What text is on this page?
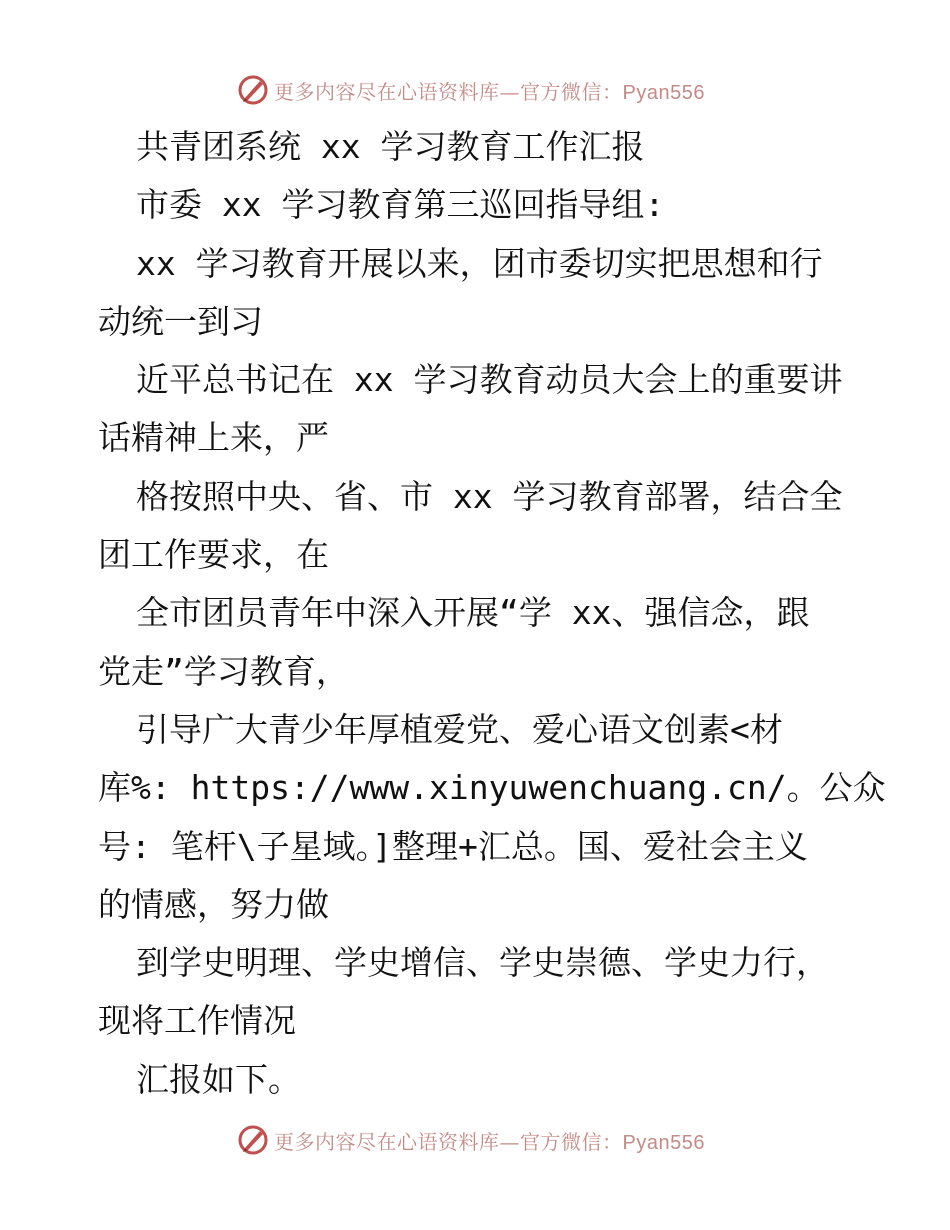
更多内容尽在心语资料库—官方微信：Pyan556
共青团系统 xx 学习教育工作汇报
市委 xx 学习教育第三巡回指导组:
xx 学习教育开展以来，团市委切实把思想和行
动统一到习
近平总书记在 xx 学习教育动员大会上的重要讲
话精神上来，严
格按照中央、省、市 xx 学习教育部署，结合全
团工作要求，在
全市团员青年中深入开展“学 xx、强信念，跟
党走”学习教育，
引导广大青少年厚植爱党、爱心语文创素<材
库%: https://www.xinyuwenchuang.cn/。公众
号: 笔杆\子星域。]整理+汇总。国、爱社会主义
的情感，努力做
到学史明理、学史增信、学史崇德、学史力行，
现将工作情况
汇报如下。
更多内容尽在心语资料库—官方微信：Pyan556
